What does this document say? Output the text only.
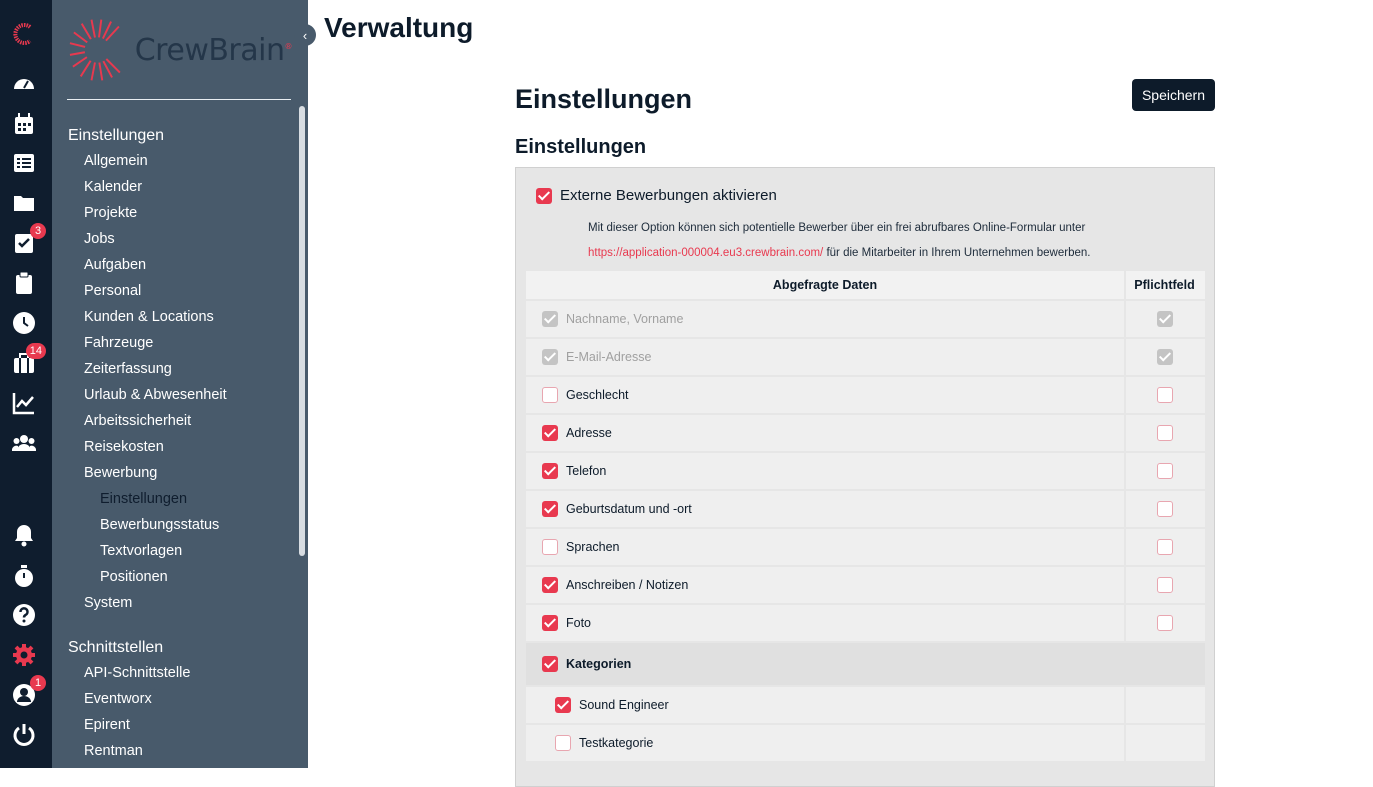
3
14
1
CrewBrain®
Einstellungen
Allgemein
Kalender
Projekte
Jobs
Aufgaben
Personal
Kunden & Locations
Fahrzeuge
Zeiterfassung
Urlaub & Abwesenheit
Arbeitssicherheit
Reisekosten
Bewerbung
Einstellungen
Bewerbungsstatus
Textvorlagen
Positionen
System
Schnittstellen
API-Schnittstelle
Eventworx
Epirent
Rentman
‹ Verwaltung
Einstellungen	Speichern
Einstellungen
Externe Bewerbungen aktivieren
Mit dieser Option können sich potentielle Bewerber über ein frei abrufbares Online-Formular unter
https://application-000004.eu3.crewbrain.com/ für die Mitarbeiter in Ihrem Unternehmen bewerben.
Abgefragte Daten	Pflichtfeld
Nachname, Vorname
E-Mail-Adresse
Geschlecht
Adresse
Telefon
Geburtsdatum und -ort
Sprachen
Anschreiben / Notizen
Foto
Kategorien
Sound Engineer
Testkategorie
